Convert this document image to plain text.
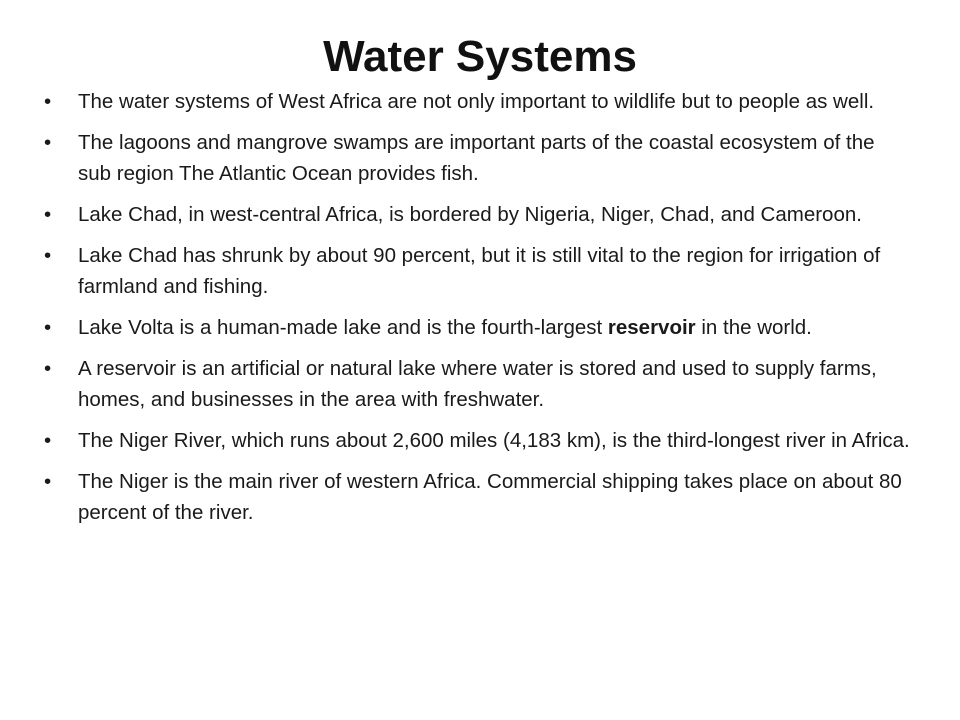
Water Systems
•	The water systems of West Africa are not only important to wildlife but to people as well.
•	The lagoons and mangrove swamps are important parts of the coastal ecosystem of the sub region The Atlantic Ocean provides fish.
•	Lake Chad, in west-central Africa, is bordered by Nigeria, Niger, Chad, and Cameroon.
•	Lake Chad has shrunk by about 90 percent, but it is still vital to the region for irrigation of farmland and fishing.
•	Lake Volta is a human-made lake and is the fourth-largest reservoir in the world.
•	A reservoir is an artificial or natural lake where water is stored and used to supply farms, homes, and businesses in the area with freshwater.
•	The Niger River, which runs about 2,600 miles (4,183 km), is the third-longest river in Africa.
•	The Niger is the main river of western Africa. Commercial shipping takes place on about 80 percent of the river.
